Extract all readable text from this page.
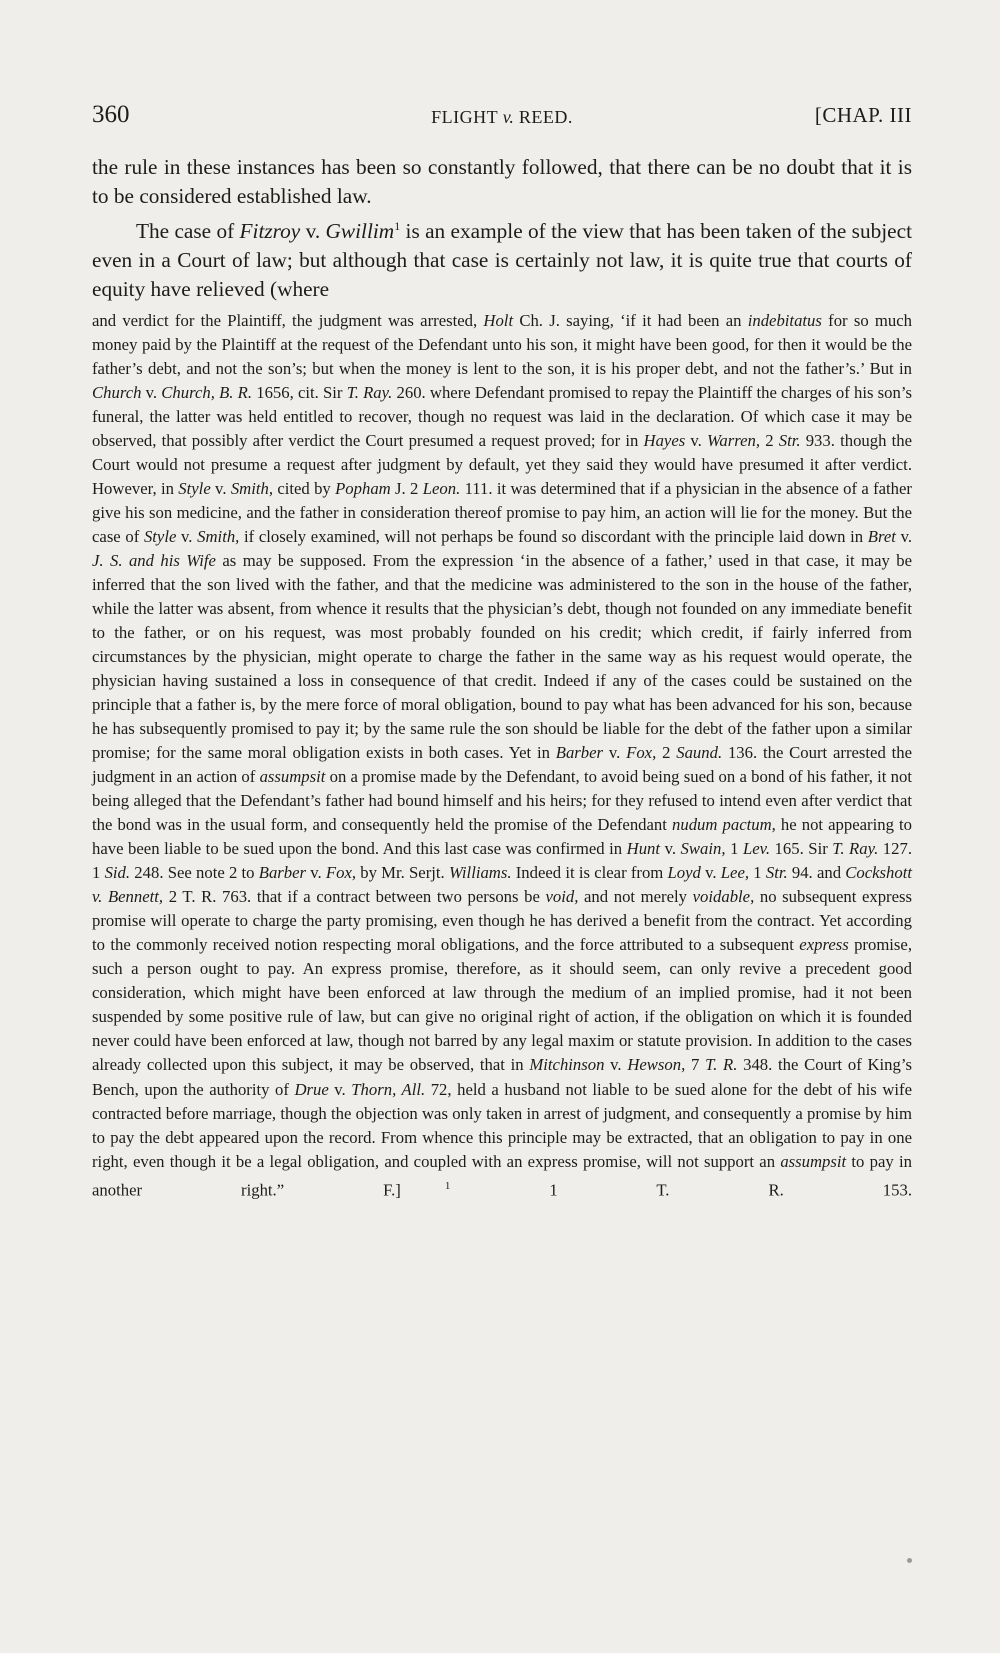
360	FLIGHT v. REED.	[CHAP. III

the rule in these instances has been so constantly followed, that there can be no doubt that it is to be considered established law.

The case of Fitzroy v. Gwillim$^1$ is an example of the view that has been taken of the subject even in a Court of law; but although that case is certainly not law, it is quite true that courts of equity have relieved (where

and verdict for the Plaintiff, the judgment was arrested, Holt Ch. J. saying, ‘if it had been an indebitatus for so much money paid by the Plaintiff at the request of the Defendant unto his son, it might have been good, for then it would be the father’s debt, and not the son’s; but when the money is lent to the son, it is his proper debt, and not the father’s.’ But in Church v. Church, B. R. 1656, cit. Sir T. Ray. 260. where Defendant promised to repay the Plaintiff the charges of his son’s funeral, the latter was held entitled to recover, though no request was laid in the declaration. Of which case it may be observed, that possibly after verdict the Court presumed a request proved; for in Hayes v. Warren, 2 Str. 933. though the Court would not presume a request after judgment by default, yet they said they would have presumed it after verdict. However, in Style v. Smith, cited by Popham J. 2 Leon. 111. it was determined that if a physician in the absence of a father give his son medicine, and the father in consideration thereof promise to pay him, an action will lie for the money. But the case of Style v. Smith, if closely examined, will not perhaps be found so discordant with the principle laid down in Bret v. J. S. and his Wife as may be supposed. From the expression ‘in the absence of a father,’ used in that case, it may be inferred that the son lived with the father, and that the medicine was administered to the son in the house of the father, while the latter was absent, from whence it results that the physician’s debt, though not founded on any immediate benefit to the father, or on his request, was most probably founded on his credit; which credit, if fairly inferred from circumstances by the physician, might operate to charge the father in the same way as his request would operate, the physician having sustained a loss in consequence of that credit. Indeed if any of the cases could be sustained on the principle that a father is, by the mere force of moral obligation, bound to pay what has been advanced for his son, because he has subsequently promised to pay it; by the same rule the son should be liable for the debt of the father upon a similar promise; for the same moral obligation exists in both cases. Yet in Barber v. Fox, 2 Saund. 136. the Court arrested the judgment in an action of assumpsit on a promise made by the Defendant, to avoid being sued on a bond of his father, it not being alleged that the Defendant’s father had bound himself and his heirs; for they refused to intend even after verdict that the bond was in the usual form, and consequently held the promise of the Defendant nudum pactum, he not appearing to have been liable to be sued upon the bond. And this last case was confirmed in Hunt v. Swain, 1 Lev. 165. Sir T. Ray. 127. 1 Sid. 248. See note 2 to Barber v. Fox, by Mr. Serjt. Williams. Indeed it is clear from Loyd v. Lee, 1 Str. 94. and Cockshott v. Bennett, 2 T. R. 763. that if a contract between two persons be void, and not merely voidable, no subsequent express promise will operate to charge the party promising, even though he has derived a benefit from the contract. Yet according to the commonly received notion respecting moral obligations, and the force attributed to a subsequent express promise, such a person ought to pay. An express promise, therefore, as it should seem, can only revive a precedent good consideration, which might have been enforced at law through the medium of an implied promise, had it not been suspended by some positive rule of law, but can give no original right of action, if the obligation on which it is founded never could have been enforced at law, though not barred by any legal maxim or statute provision. In addition to the cases already collected upon this subject, it may be observed, that in Mitchinson v. Hewson, 7 T. R. 348. the Court of King’s Bench, upon the authority of Drue v. Thorn, All. 72, held a husband not liable to be sued alone for the debt of his wife contracted before marriage, though the objection was only taken in arrest of judgment, and consequently a promise by him to pay the debt appeared upon the record. From whence this principle may be extracted, that an obligation to pay in one right, even though it be a legal obligation, and coupled with an express promise, will not support an assumpsit to pay in another right.” F.]	$^1$ 1 T. R. 153.
